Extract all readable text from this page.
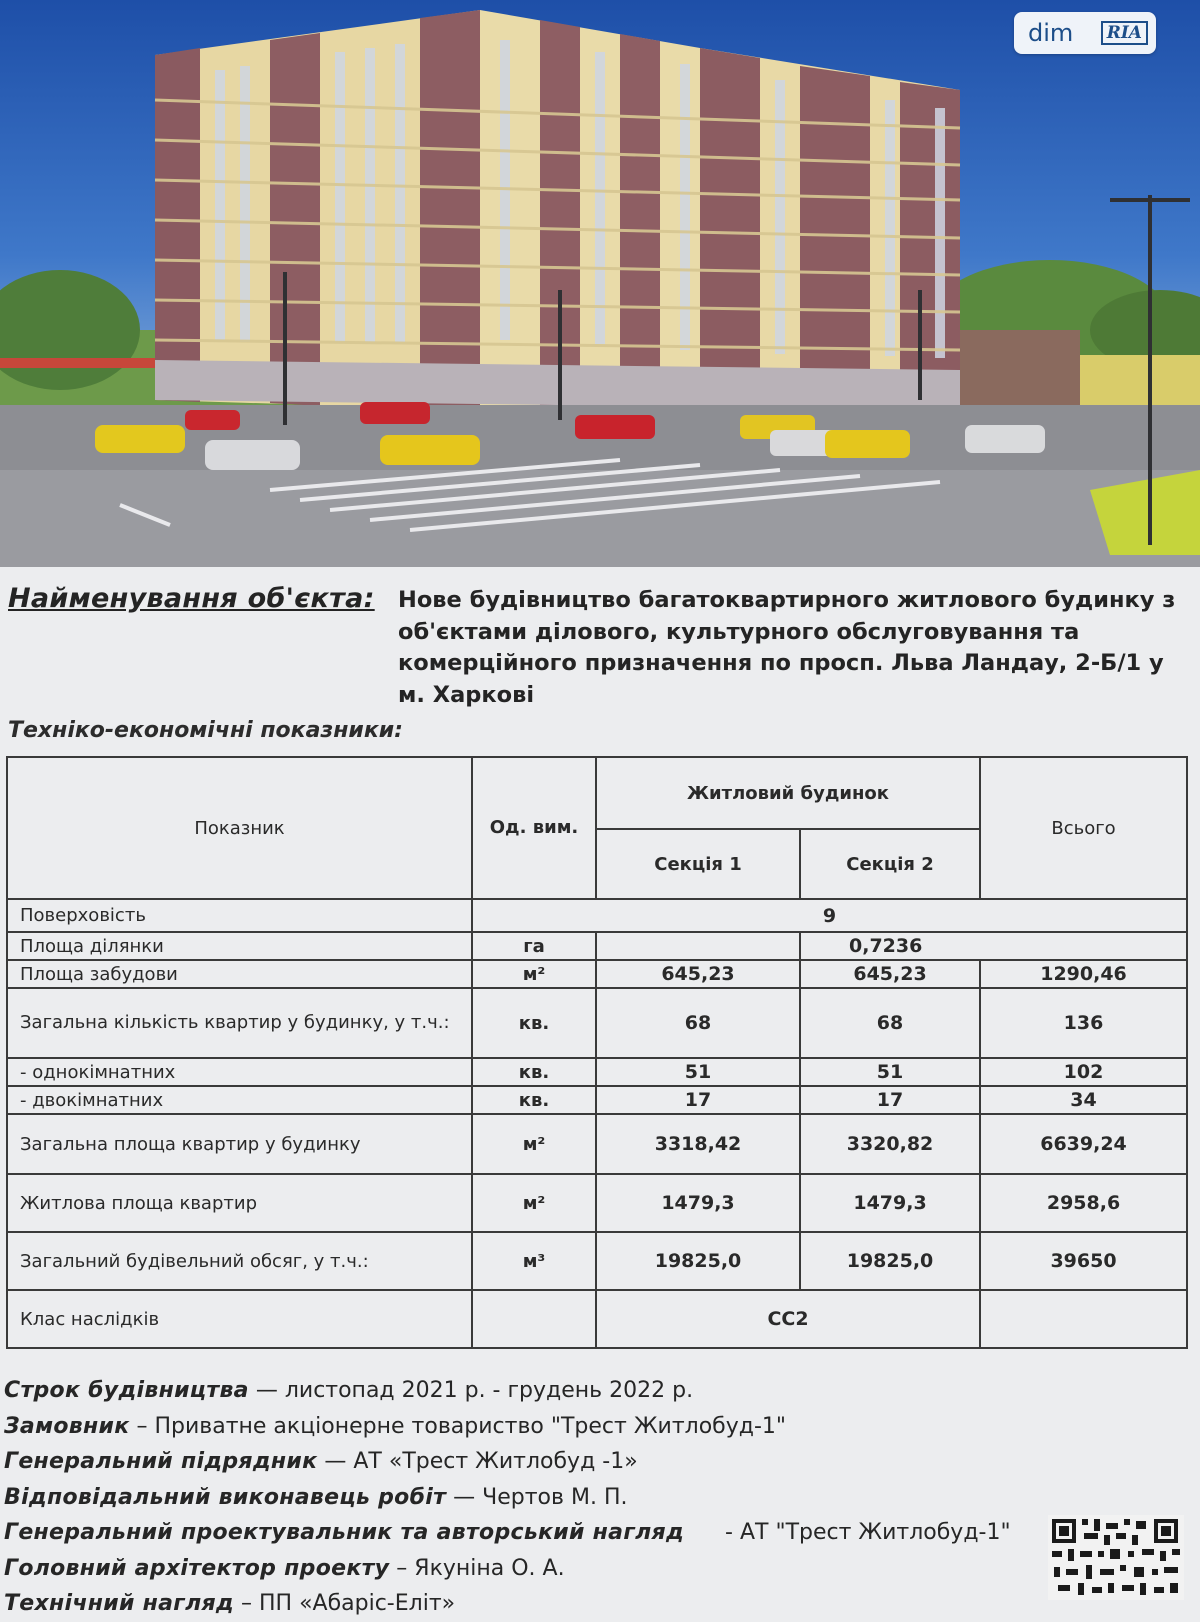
dim	RIA
Найменування об'єкта: Нове будівництво багатоквартирного житлового будинку з об'єктами ділового, культурного обслуговування та комерційного призначення по просп. Льва Ландау, 2-Б/1 у м. Харкові
Техніко-економічні показники:
Показник	Од. вим.	Житловий будинок		Всього
		Секція 1	Секція 2	
Поверховість	9			
Площа ділянки	га		0,7236	
Площа забудови	м²	645,23	645,23	1290,46
Загальна кількість квартир у будинку, у т.ч.:	кв.	68	68	136
- однокімнатних	кв.	51	51	102
- двокімнатних	кв.	17	17	34
Загальна площа квартир у будинку	м²	3318,42	3320,82	6639,24
Житлова площа квартир	м²	1479,3	1479,3	2958,6
Загальний будівельний обсяг, у т.ч.:	м³	19825,0	19825,0	39650
Клас наслідків		СС2		
Строк будівництва — листопад 2021 р. - грудень 2022 р.
Замовник – Приватне акціонерне товариство "Трест Житлобуд-1"
Генеральний підрядник — АТ «Трест Житлобуд -1»
Відповідальний виконавець робіт — Чертов М. П.
Генеральний проектувальник та авторський нагляд - АТ "Трест Житлобуд-1"
Головний архітектор проекту – Якуніна О. А.
Технічний нагляд – ПП «Абаріс-Еліт»
